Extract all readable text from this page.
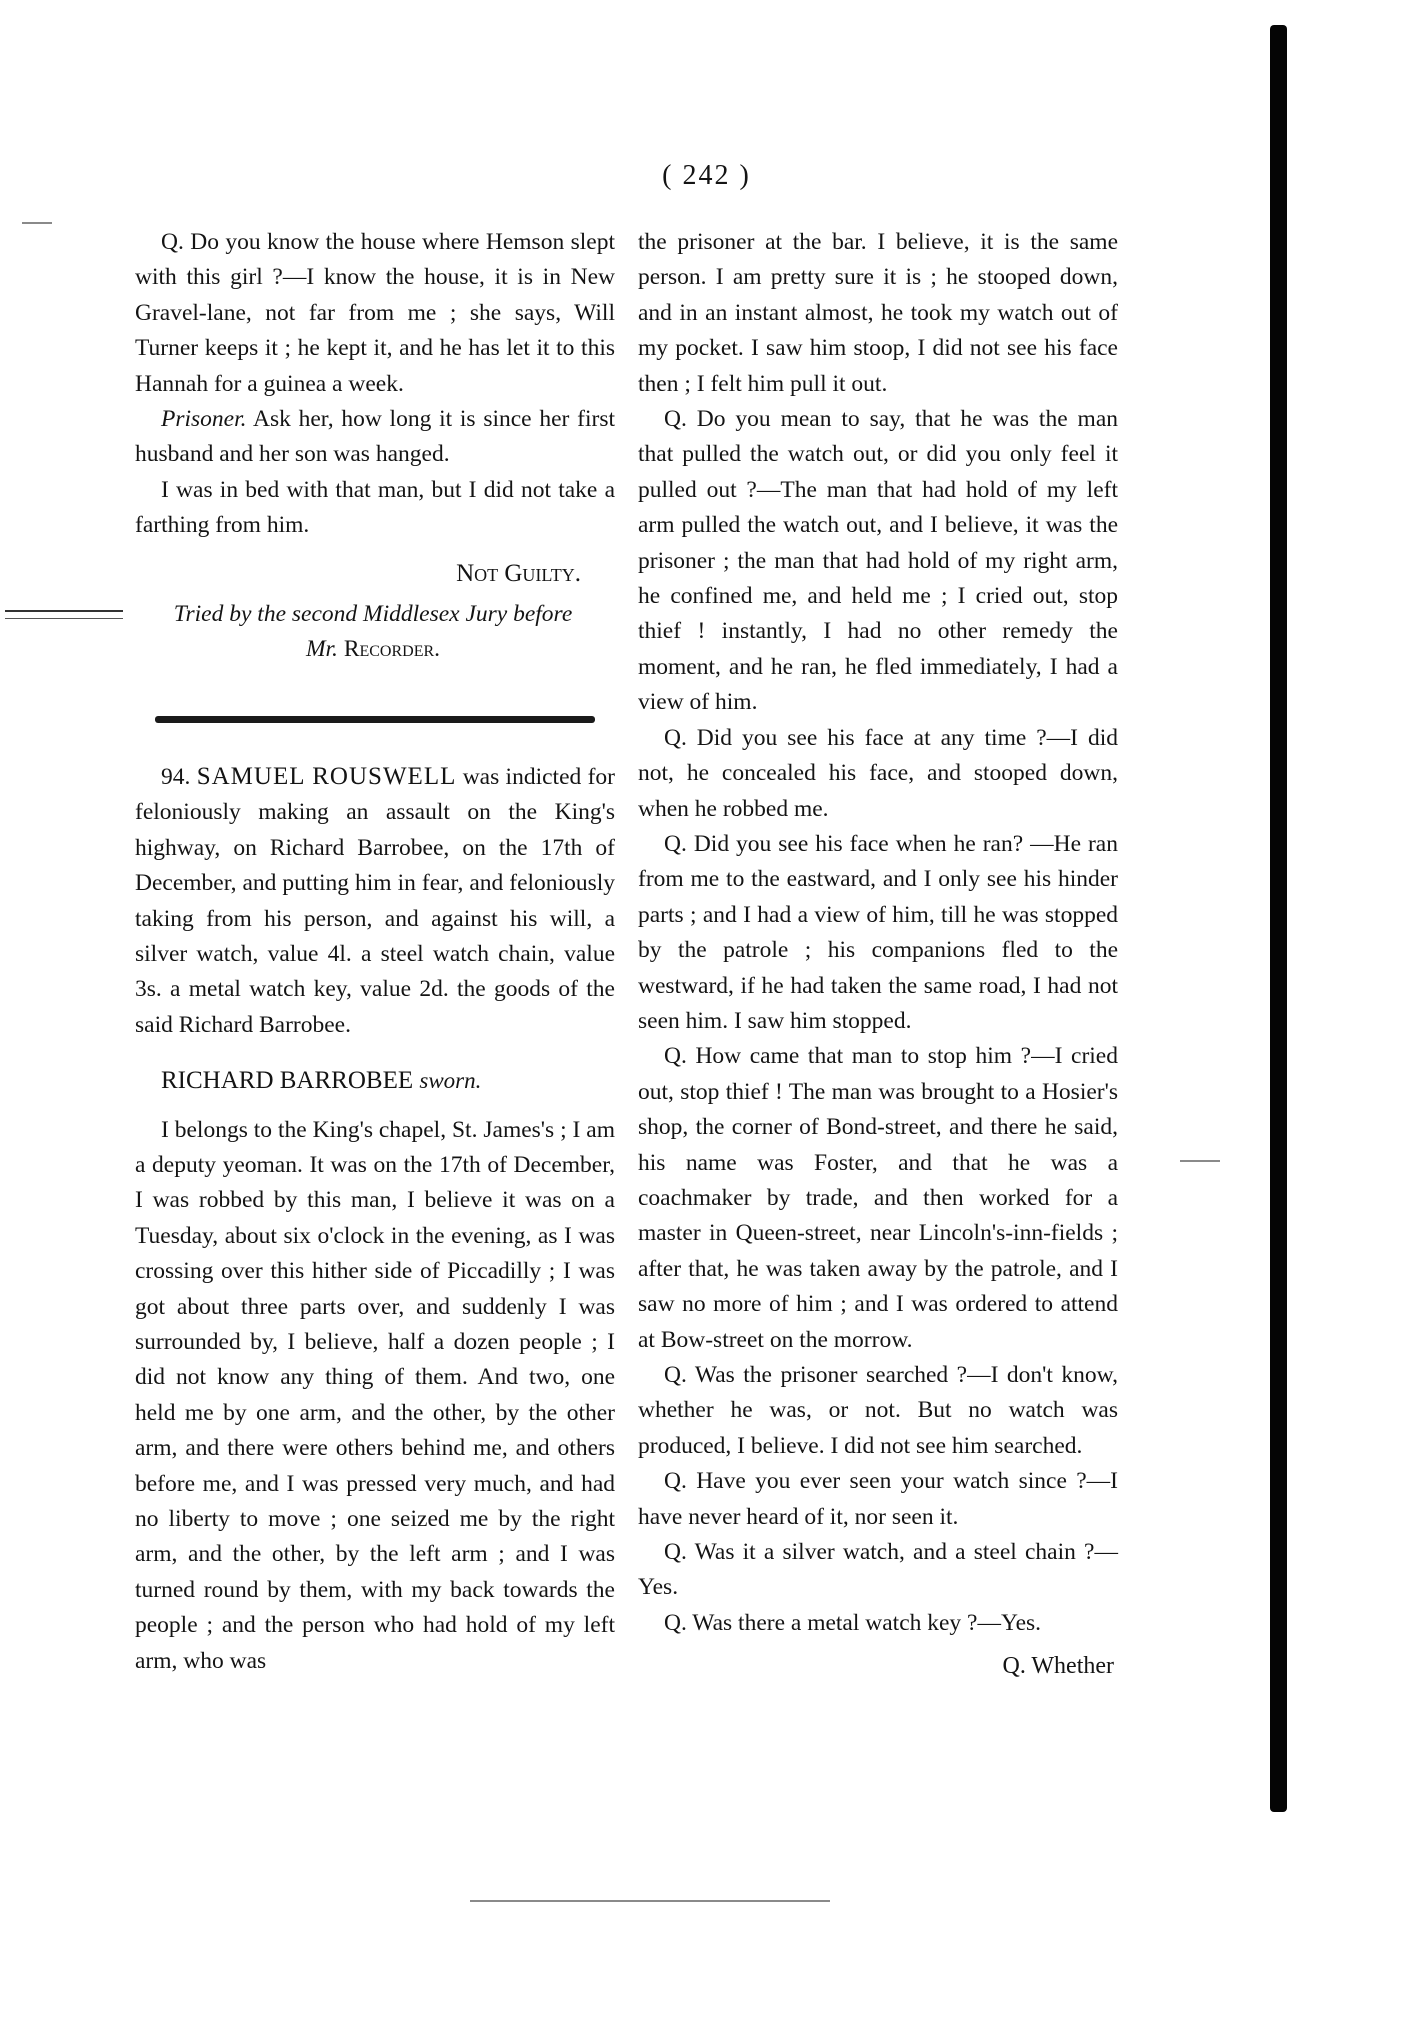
( 242 )

Q. Do you know the house where Hemson slept with this girl ?—I know the house, it is in New Gravel-lane, not far from me ; she says, Will Turner keeps it ; he kept it, and he has let it to this Hannah for a guinea a week.

Prisoner. Ask her, how long it is since her first husband and her son was hanged.

I was in bed with that man, but I did not take a farthing from him.

Not Guilty.
Tried by the second Middlesex Jury before
Mr. Recorder.

94. SAMUEL ROUSWELL was indicted for feloniously making an assault on the King's highway, on Richard Barrobee, on the 17th of December, and putting him in fear, and feloniously taking from his person, and against his will, a silver watch, value 4l. a steel watch chain, value 3s. a metal watch key, value 2d. the goods of the said Richard Barrobee.

RICHARD BARROBEE sworn.

I belongs to the King's chapel, St. James's ; I am a deputy yeoman. It was on the 17th of December, I was robbed by this man, I believe it was on a Tuesday, about six o'clock in the evening, as I was crossing over this hither side of Piccadilly ; I was got about three parts over, and suddenly I was surrounded by, I believe, half a dozen people ; I did not know any thing of them. And two, one held me by one arm, and the other, by the other arm, and there were others behind me, and others before me, and I was pressed very much, and had no liberty to move ; one seized me by the right arm, and the other, by the left arm ; and I was turned round by them, with my back towards the people ; and the person who had hold of my left arm, who was

the prisoner at the bar. I believe, it is the same person. I am pretty sure it is ; he stooped down, and in an instant almost, he took my watch out of my pocket. I saw him stoop, I did not see his face then ; I felt him pull it out.

Q. Do you mean to say, that he was the man that pulled the watch out, or did you only feel it pulled out ?—The man that had hold of my left arm pulled the watch out, and I believe, it was the prisoner ; the man that had hold of my right arm, he confined me, and held me ; I cried out, stop thief ! instantly, I had no other remedy the moment, and he ran, he fled immediately, I had a view of him.

Q. Did you see his face at any time ?—I did not, he concealed his face, and stooped down, when he robbed me.

Q. Did you see his face when he ran? —He ran from me to the eastward, and I only see his hinder parts ; and I had a view of him, till he was stopped by the patrole ; his companions fled to the westward, if he had taken the same road, I had not seen him. I saw him stopped.

Q. How came that man to stop him ?—I cried out, stop thief ! The man was brought to a Hosier's shop, the corner of Bond-street, and there he said, his name was Foster, and that he was a coachmaker by trade, and then worked for a master in Queen-street, near Lincoln's-inn-fields ; after that, he was taken away by the patrole, and I saw no more of him ; and I was ordered to attend at Bow-street on the morrow.

Q. Was the prisoner searched ?—I don't know, whether he was, or not. But no watch was produced, I believe. I did not see him searched.

Q. Have you ever seen your watch since ?—I have never heard of it, nor seen it.

Q. Was it a silver watch, and a steel chain ?—Yes.

Q. Was there a metal watch key ?—Yes.

Q. Whether
